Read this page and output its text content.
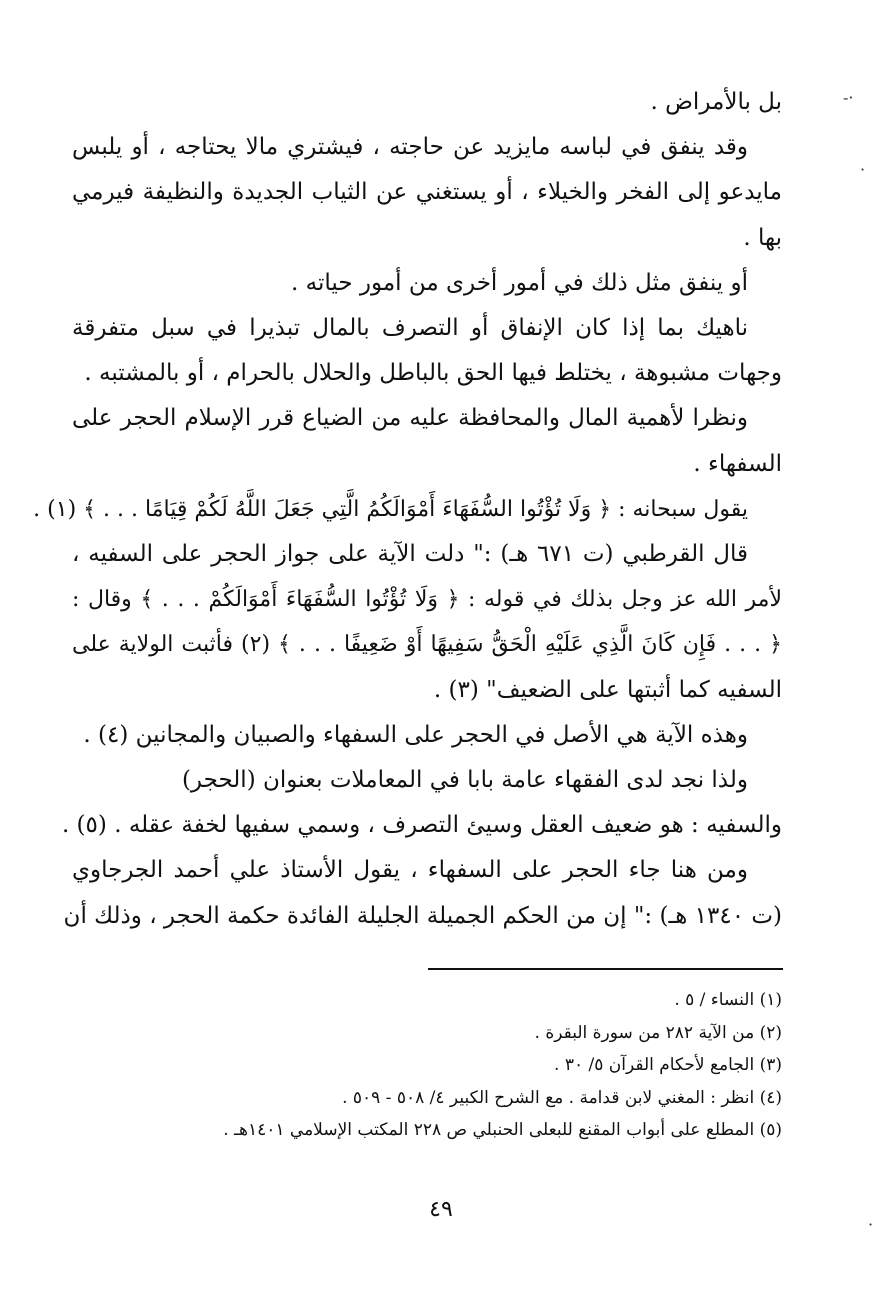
-·
·
·
بل بالأمراض .
وقد ينفق في لباسه مايزيد عن حاجته ، فيشتري مالا يحتاجه ، أو يلبس
مايدعو إلى الفخر والخيلاء ، أو يستغني عن الثياب الجديدة والنظيفة فيرمي
بها .
أو ينفق مثل ذلك في أمور أخرى من أمور حياته .
ناهيك بما إذا كان الإنفاق أو التصرف بالمال تبذيرا في سبل متفرقة
وجهات مشبوهة ، يختلط فيها الحق بالباطل والحلال بالحرام ، أو بالمشتبه .
ونظرا لأهمية المال والمحافظة عليه من الضياع قرر الإسلام الحجر على
السفهاء .
يقول سبحانه : ﴿ وَلَا تُؤْتُوا السُّفَهَاءَ أَمْوَالَكُمُ الَّتِي جَعَلَ اللَّهُ لَكُمْ قِيَامًا . . . ﴾ (١) .
قال القرطبي (ت ٦٧١ هـ) :" دلت الآية على جواز الحجر على السفيه ،
لأمر الله عز وجل بذلك في قوله : ﴿ وَلَا تُؤْتُوا السُّفَهَاءَ أَمْوَالَكُمْ . . . ﴾ وقال :
﴿ . . . فَإِن كَانَ الَّذِي عَلَيْهِ الْحَقُّ سَفِيهًا أَوْ ضَعِيفًا . . . ﴾ (٢) فأثبت الولاية على
السفيه كما أثبتها على الضعيف" (٣) .
وهذه الآية هي الأصل في الحجر على السفهاء والصبيان والمجانين (٤) .
ولذا نجد لدى الفقهاء عامة بابا في المعاملات بعنوان (الحجر)
والسفيه : هو ضعيف العقل وسيئ التصرف ، وسمي سفيها لخفة عقله . (٥) .
ومن هنا جاء الحجر على السفهاء ، يقول الأستاذ علي أحمد الجرجاوي
(ت ١٣٤٠ هـ) :" إن من الحكم الجميلة الجليلة الفائدة حكمة الحجر ، وذلك أن
(١) النساء / ٥ .
(٢) من الآية ٢٨٢ من سورة البقرة .
(٣) الجامع لأحكام القرآن ٥/ ٣٠ .
(٤) انظر : المغني لابن قدامة . مع الشرح الكبير ٤/ ٥٠٨ - ٥٠٩ .
(٥) المطلع على أبواب المقنع للبعلى الحنبلي ص ٢٢٨ المكتب الإسلامي ١٤٠١هـ .
٤٩
